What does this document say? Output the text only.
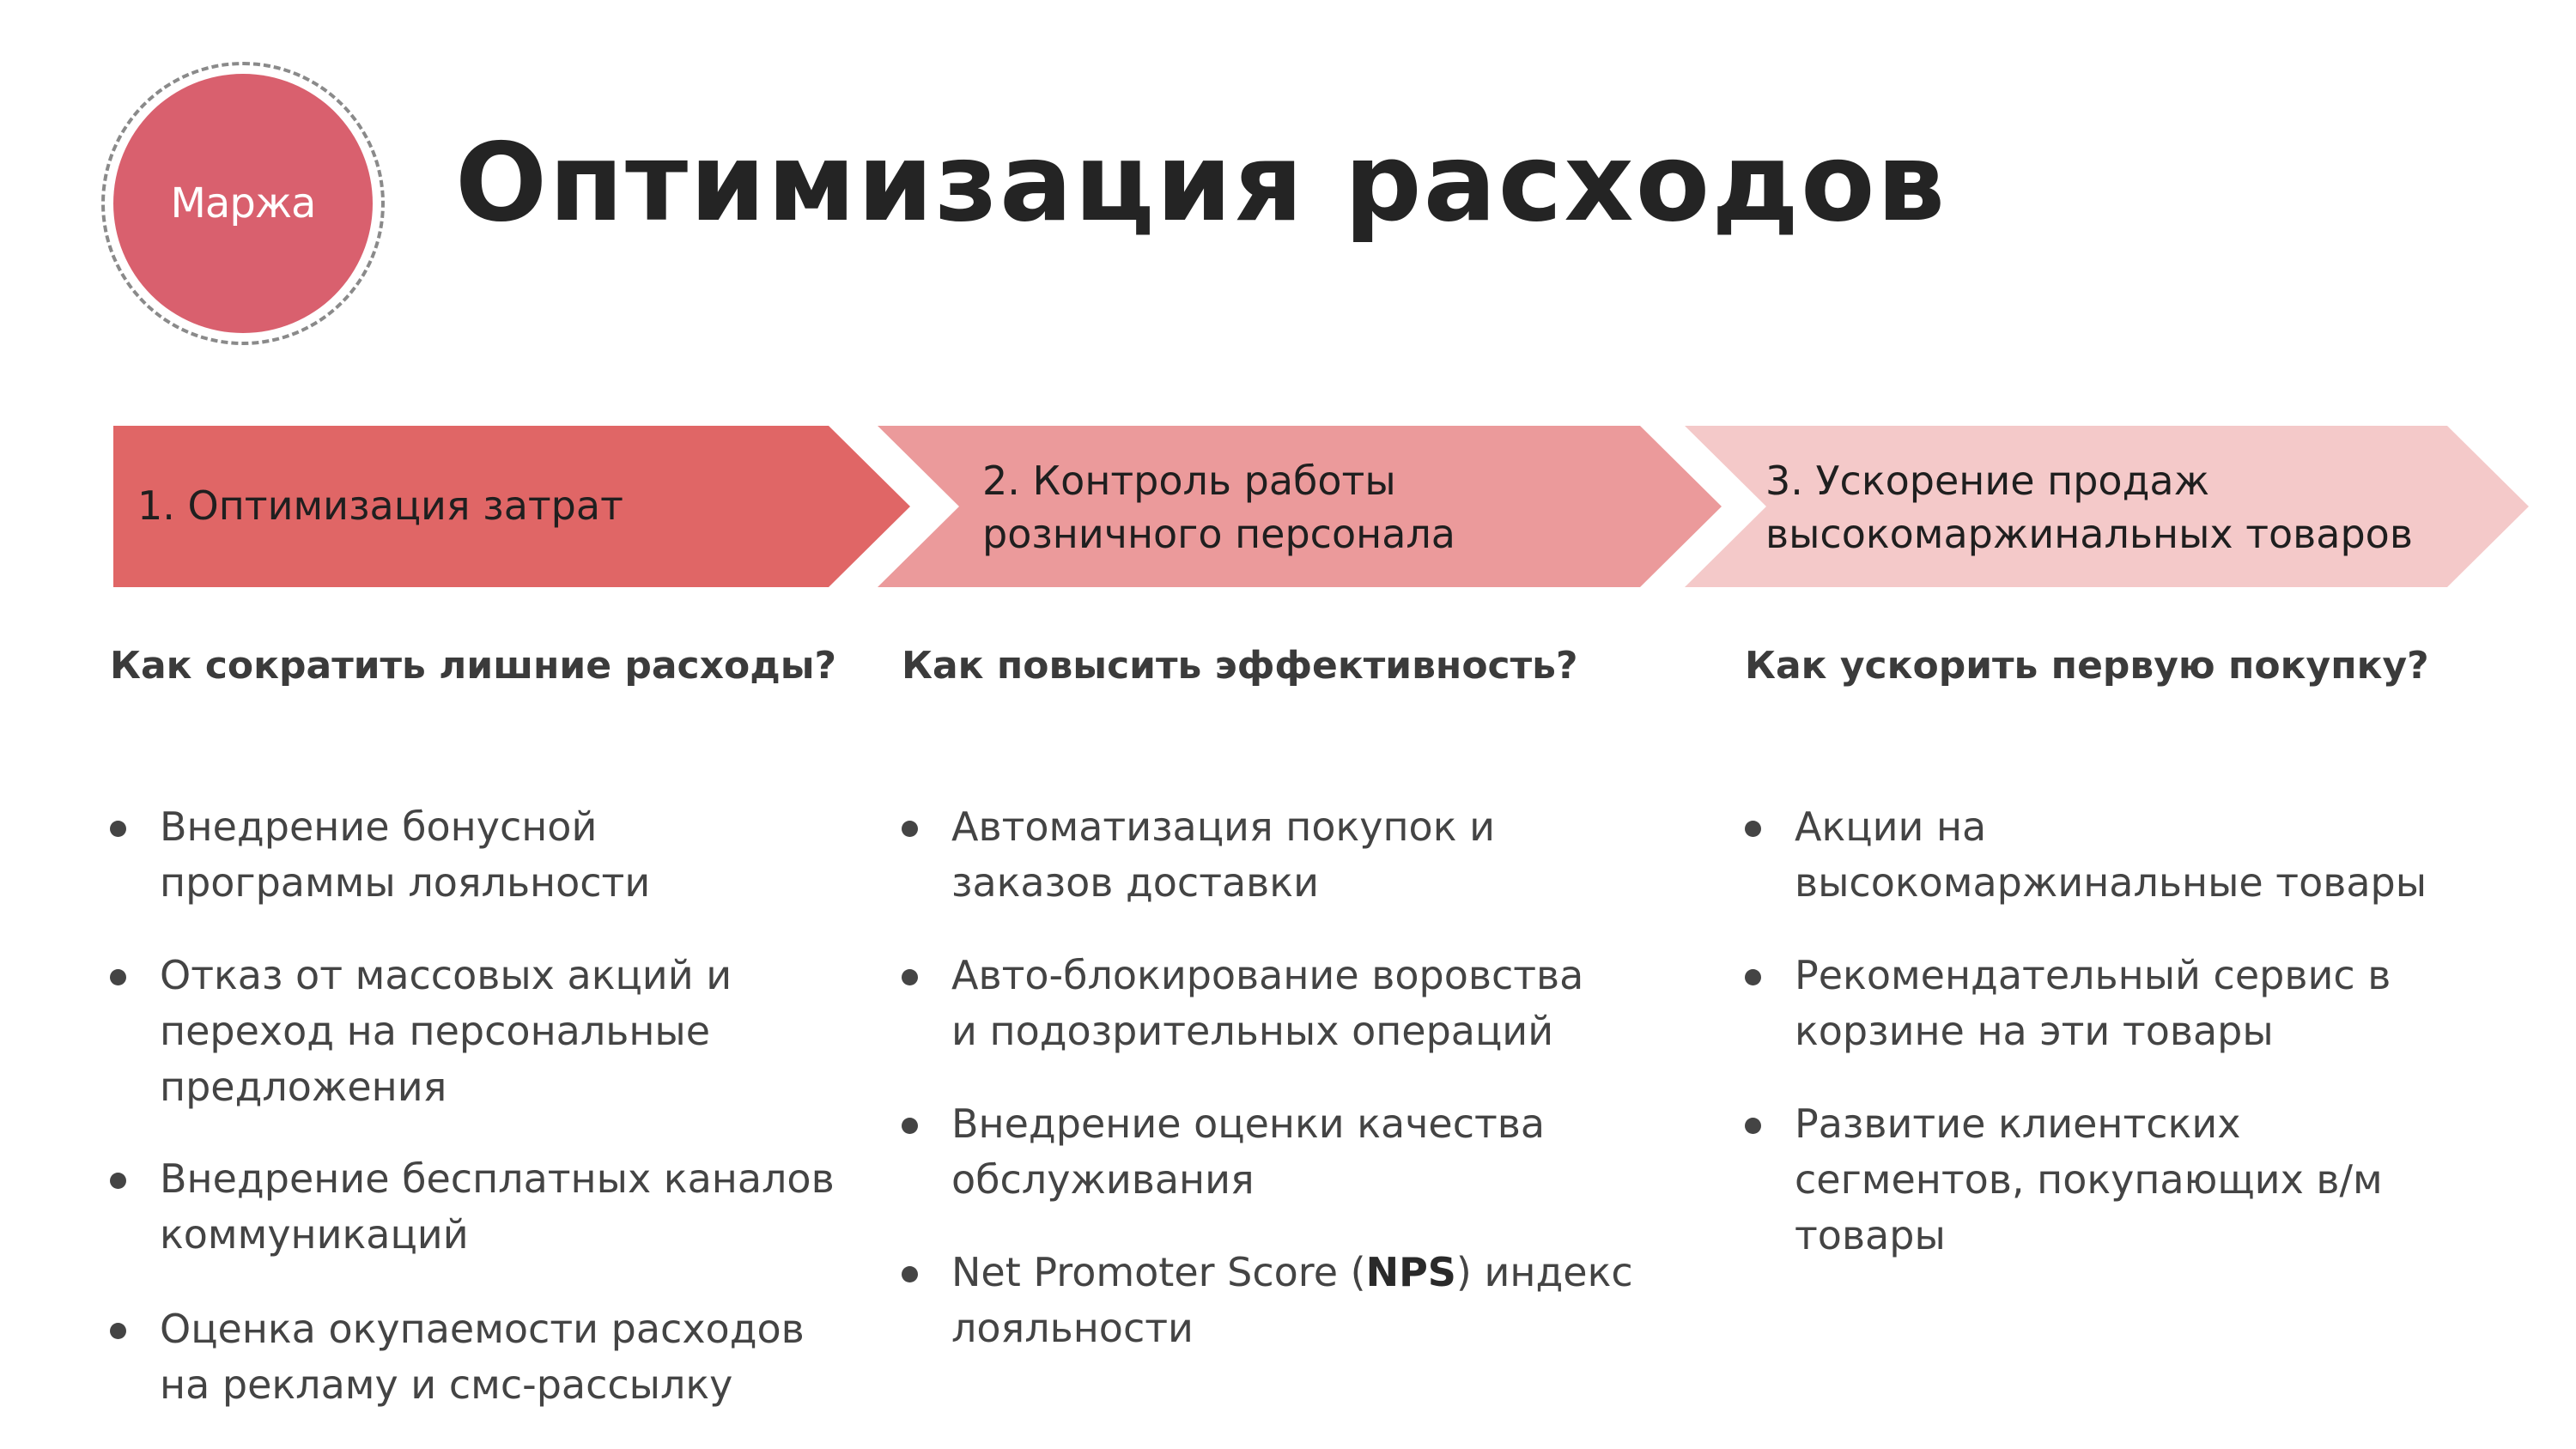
Маржа Оптимизация расходов
1. Оптимизация затрат
2. Контроль работы
розничного персонала
3. Ускорение продаж
высокомаржинальных товаров
Как сократить лишние расходы?
Внедрение бонусной
программы лояльности
Отказ от массовых акций и
переход на персональные
предложения
Внедрение бесплатных каналов
коммуникаций
Оценка окупаемости расходов
на рекламу и смс-рассылку
Как повысить эффективность?
Автоматизация покупок и
заказов доставки
Авто-блокирование воровства
и подозрительных операций
Внедрение оценки качества
обслуживания
Net Promoter Score (NPS) индекс
лояльности
Как ускорить первую покупку?
Акции на
высокомаржинальные товары
Рекомендательный сервис в
корзине на эти товары
Развитие клиентских
сегментов, покупающих в/м
товары
